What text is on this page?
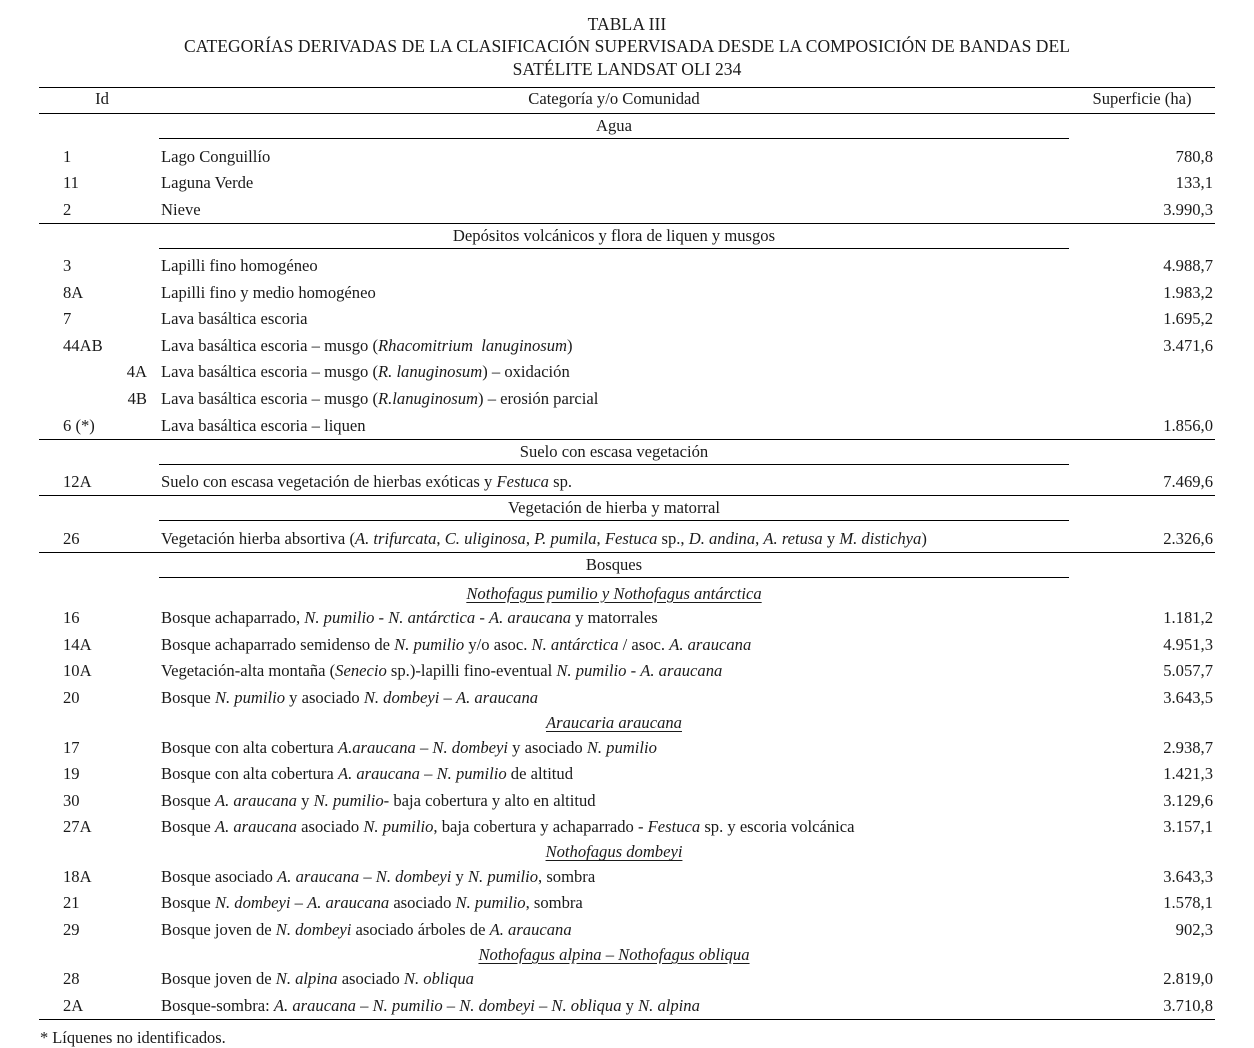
TABLA III
CATEGORÍAS DERIVADAS DE LA CLASIFICACIÓN SUPERVISADA DESDE LA COMPOSICIÓN DE BANDAS DEL
SATÉLITE LANDSAT OLI 234

Id	Categoría y/o Comunidad	Superficie (ha)

	Agua	

1	Lago Conguillío	780,8
11	Laguna Verde	133,1
2	Nieve	3.990,3

	Depósitos volcánicos y flora de liquen y musgos	

3	Lapilli fino homogéneo	4.988,7
8A	Lapilli fino y medio homogéneo	1.983,2
7	Lava basáltica escoria	1.695,2
44AB	Lava basáltica escoria – musgo (Rhacomitrium  lanuginosum)	3.471,6
4A	Lava basáltica escoria – musgo (R. lanuginosum) – oxidación	
4B	Lava basáltica escoria – musgo (R.lanuginosum) – erosión parcial	
6 (*)	Lava basáltica escoria – liquen	1.856,0

	Suelo con escasa vegetación	

12A	Suelo con escasa vegetación de hierbas exóticas y Festuca sp.	7.469,6

	Vegetación de hierba y matorral	

26	Vegetación hierba absortiva (A. trifurcata, C. uliginosa, P. pumila, Festuca sp., D. andina, A. retusa y M. distichya)	2.326,6

	Bosques	

	Nothofagus pumilio y Nothofagus antárctica	
16	Bosque achaparrado, N. pumilio - N. antárctica - A. araucana y matorrales	1.181,2
14A	Bosque achaparrado semidenso de N. pumilio y/o asoc. N. antárctica / asoc. A. araucana	4.951,3
10A	Vegetación-alta montaña (Senecio sp.)-lapilli fino-eventual N. pumilio - A. araucana	5.057,7
20	Bosque N. pumilio y asociado N. dombeyi – A. araucana	3.643,5
	Araucaria araucana	
17	Bosque con alta cobertura A.araucana – N. dombeyi y asociado N. pumilio	2.938,7
19	Bosque con alta cobertura A. araucana – N. pumilio de altitud	1.421,3
30	Bosque A. araucana y N. pumilio- baja cobertura y alto en altitud	3.129,6
27A	Bosque A. araucana asociado N. pumilio, baja cobertura y achaparrado - Festuca sp. y escoria volcánica	3.157,1
	Nothofagus dombeyi	
18A	Bosque asociado A. araucana – N. dombeyi y N. pumilio, sombra	3.643,3
21	Bosque N. dombeyi – A. araucana asociado N. pumilio, sombra	1.578,1
29	Bosque joven de N. dombeyi asociado árboles de A. araucana	902,3
	Nothofagus alpina – Nothofagus obliqua	
28	Bosque joven de N. alpina asociado N. obliqua	2.819,0
2A	Bosque-sombra: A. araucana – N. pumilio – N. dombeyi – N. obliqua y N. alpina	3.710,8

* Líquenes no identificados.
